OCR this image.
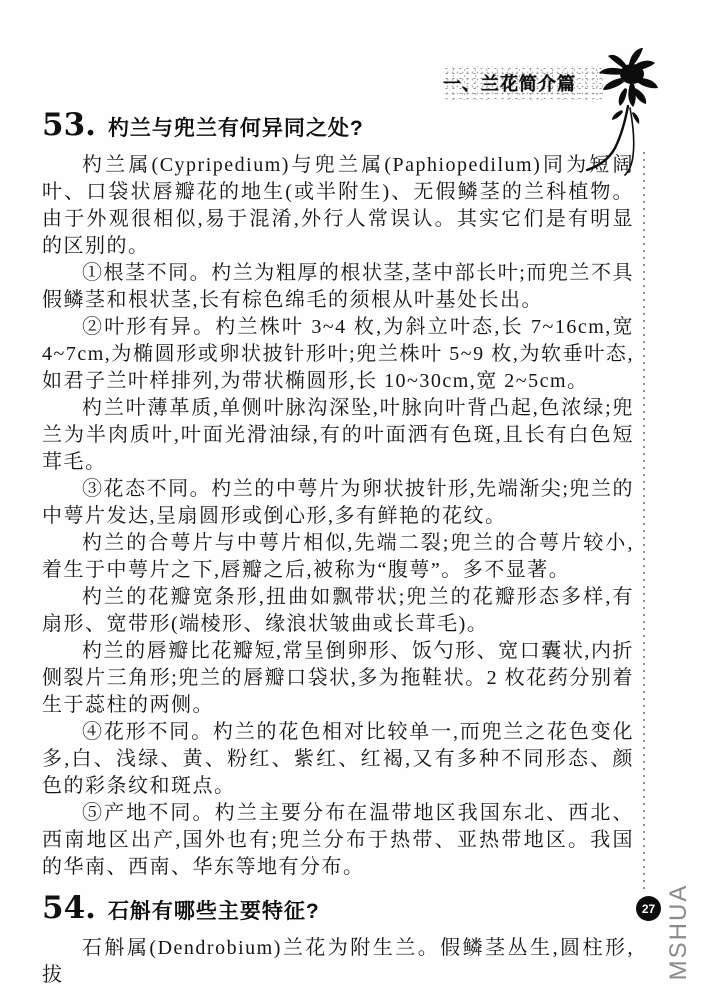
一、兰花简介篇
53. 杓兰与兜兰有何异同之处?

杓兰属(Cypripedium)与兜兰属(Paphiopedilum)同为短阔叶、口袋状唇瓣花的地生(或半附生)、无假鳞茎的兰科植物。由于外观很相似,易于混淆,外行人常误认。其实它们是有明显的区别的。

①根茎不同。杓兰为粗厚的根状茎,茎中部长叶;而兜兰不具假鳞茎和根状茎,长有棕色绵毛的须根从叶基处长出。

②叶形有异。杓兰株叶 3~4 枚,为斜立叶态,长 7~16cm,宽 4~7cm,为椭圆形或卵状披针形叶;兜兰株叶 5~9 枚,为软垂叶态,如君子兰叶样排列,为带状椭圆形,长 10~30cm,宽 2~5cm。

杓兰叶薄革质,单侧叶脉沟深坠,叶脉向叶背凸起,色浓绿;兜兰为半肉质叶,叶面光滑油绿,有的叶面洒有色斑,且长有白色短茸毛。

③花态不同。杓兰的中萼片为卵状披针形,先端渐尖;兜兰的中萼片发达,呈扇圆形或倒心形,多有鲜艳的花纹。

杓兰的合萼片与中萼片相似,先端二裂;兜兰的合萼片较小,着生于中萼片之下,唇瓣之后,被称为“腹萼”。多不显著。

杓兰的花瓣宽条形,扭曲如飘带状;兜兰的花瓣形态多样,有扇形、宽带形(端棱形、缘浪状皱曲或长茸毛)。

杓兰的唇瓣比花瓣短,常呈倒卵形、饭勺形、宽口囊状,内折侧裂片三角形;兜兰的唇瓣口袋状,多为拖鞋状。2 枚花药分别着生于蕊柱的两侧。

④花形不同。杓兰的花色相对比较单一,而兜兰之花色变化多,白、浅绿、黄、粉红、紫红、红褐,又有多种不同形态、颜色的彩条纹和斑点。

⑤产地不同。杓兰主要分布在温带地区我国东北、西北、西南地区出产,国外也有;兜兰分布于热带、亚热带地区。我国的华南、西南、华东等地有分布。

54. 石斛有哪些主要特征?

石斛属(Dendrobium)兰花为附生兰。假鳞茎丛生,圆柱形,拔

27 MSHUA
